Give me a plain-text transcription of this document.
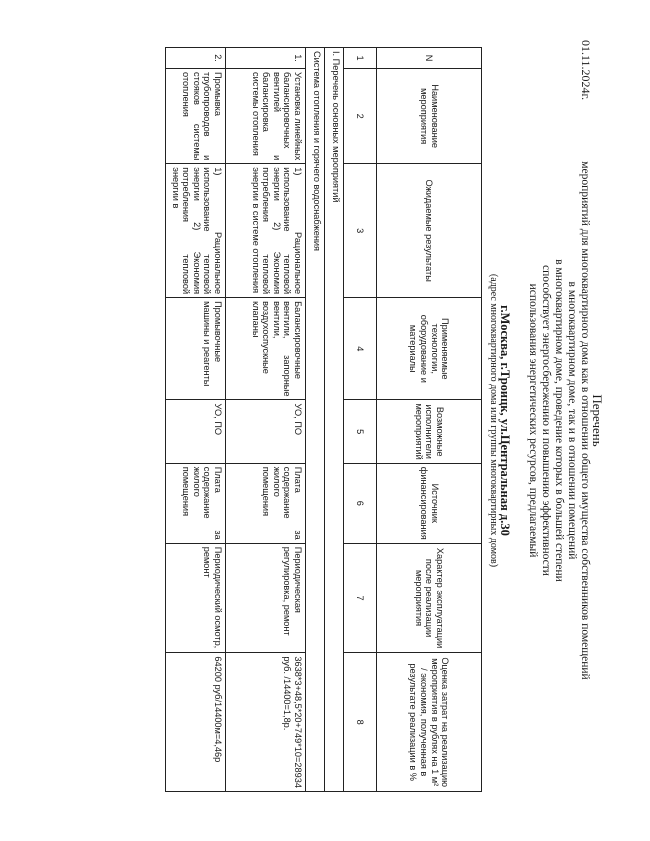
Перечень
мероприятий для многоквартирного дома как в отношении общего имущества собственников помещений
в многоквартирном доме, так и в отношении помещений
в многоквартирном доме, проведение которых в большей степени
способствует энергосбережению и повышению эффективности
использования энергетических ресурсов, предлагаемый
01.11.2024г.
г.Москва, г.Троицк, ул.Центральная д.30
(адрес многоквартирного дома или группы многоквартирных домов)
N	Наименование мероприятия	Ожидаемые результаты	Применяемые технологии, оборудование и материалы	Возможные исполнители мероприятий	Источник финансирования	Характер эксплуатации после реализации мероприятия	Оценка затрат на реализацию мероприятия в рублях на 1 м² / экономия, полученная в результате реализации в %
1	2	3	4	5	6	7	8
I. Перечень основных мероприятий							
Система отопления и горячего водоснабжения							
1.	Установка линейных балансировочных вентилей и балансировка системы отопления	1) Рациональное использование тепловой энергии 2) Экономия потребления тепловой энергии в системе отопления	Балансировочные вентили, запорные вентили, воздухоспускные клапаны	УО, ПО	Плата за содержание жилого помещения	Периодическая регулировка, ремонт	3638*3+48,5*20+749*10=28934 руб. /14400=1,8р.
2.	Промывка трубопроводов и стояков системы отопления	1) Рациональное использование тепловой энергии 2) Экономия потребления тепловой энергии в	Промывочные машины и реагенты	УО, ПО	Плата за содержание жилого помещения	Периодический осмотр, ремонт	64200 руб/14400м=4,46р
